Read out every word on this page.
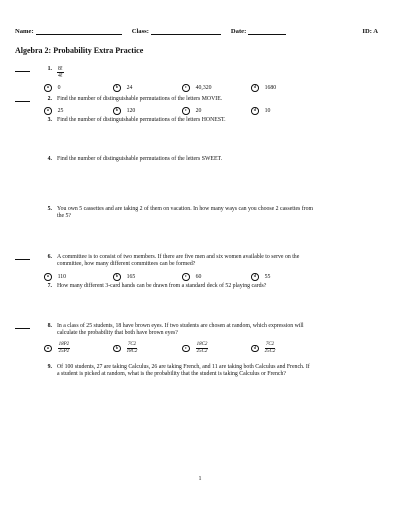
Name:	Class:	Date:	ID: A
Algebra 2: Probability Extra Practice
1. $\frac{8!}{4!}$
a	0	b	24	c	40,320	d	1680
2. Find the number of distinguishable permutations of the letters MOVIE.
a	25	b	120	c	20	d	10
3. Find the number of distinguishable permutations of the letters HONEST.
4. Find the number of distinguishable permutations of the letters SWEET.
5. You own 5 cassettes and are taking 2 of them on vacation. In how many ways can you choose 2 cassettes from
the 5?
6. A committee is to consist of two members. If there are five men and six women available to serve on the
committee, how many different committees can be formed?
a	110	b	165	c	60	d	55
7. How many different 3-card hands can be drawn from a standard deck of 52 playing cards?
8. In a class of 25 students, 18 have brown eyes. If two students are chosen at random, which expression will
calculate the probability that both have brown eyes?
a	$\frac{18P2}{25P2}$	b	$\frac{7C2}{18C2}$	c	$\frac{18C2}{25C2}$	d	$\frac{7C2}{25C2}$
9. Of 100 students, 27 are taking Calculus, 26 are taking French, and 11 are taking both Calculus and French. If
a student is picked at random, what is the probability that the student is taking Calculus or French?
1
